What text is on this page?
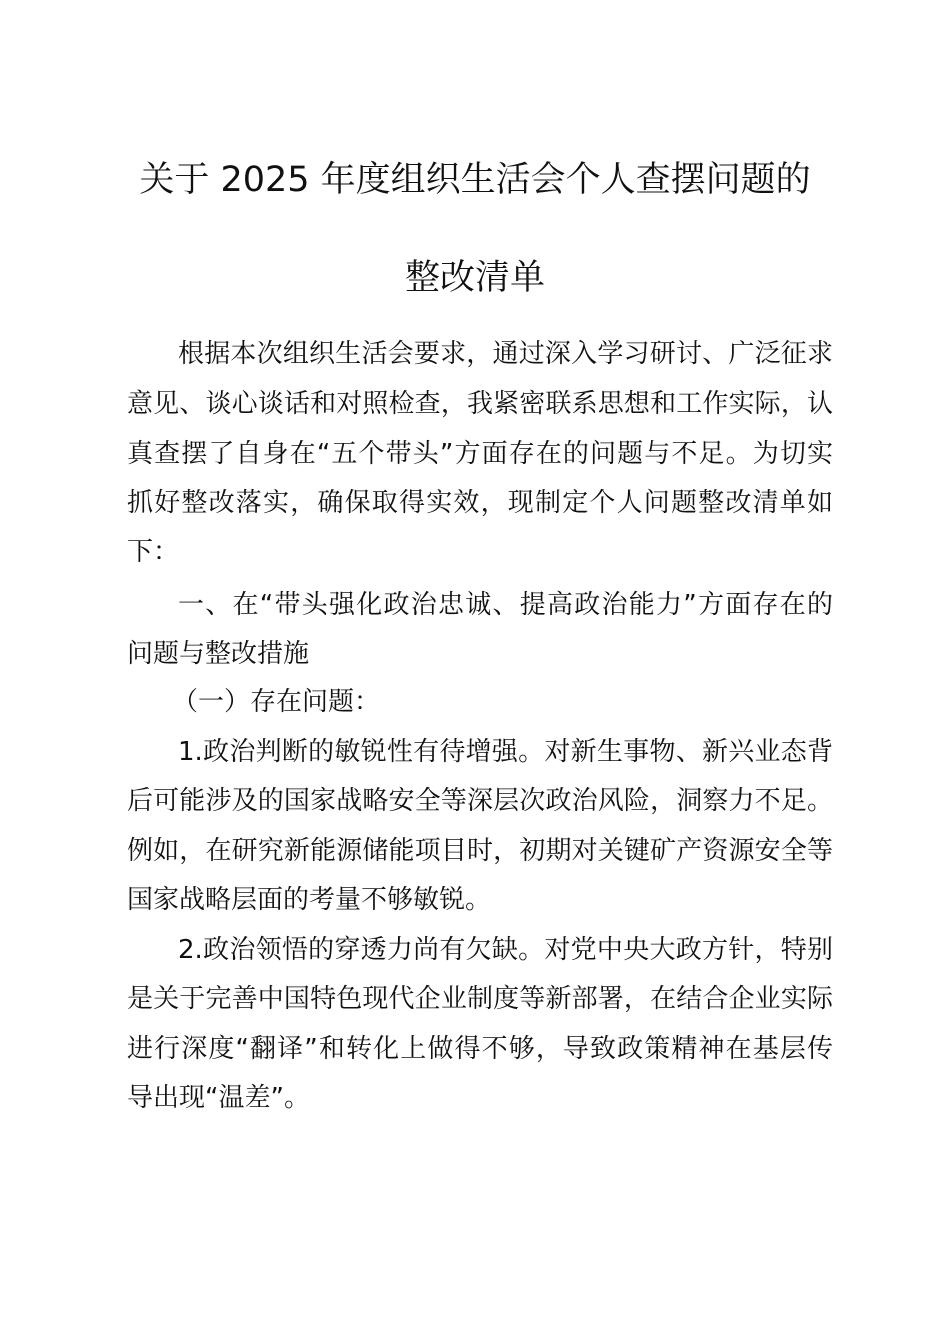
关于 2025 年度组织生活会个人查摆问题的
整改清单
根据本次组织生活会要求，通过深入学习研讨、广泛征求
意见、谈心谈话和对照检查，我紧密联系思想和工作实际，认
真查摆了自身在“五个带头”方面存在的问题与不足。为切实
抓好整改落实，确保取得实效，现制定个人问题整改清单如
下：
一、在“带头强化政治忠诚、提高政治能力”方面存在的
问题与整改措施
（一）存在问题：
1.政治判断的敏锐性有待增强。对新生事物、新兴业态背
后可能涉及的国家战略安全等深层次政治风险，洞察力不足。
例如，在研究新能源储能项目时，初期对关键矿产资源安全等
国家战略层面的考量不够敏锐。
2.政治领悟的穿透力尚有欠缺。对党中央大政方针，特别
是关于完善中国特色现代企业制度等新部署，在结合企业实际
进行深度“翻译”和转化上做得不够，导致政策精神在基层传
导出现“温差”。
